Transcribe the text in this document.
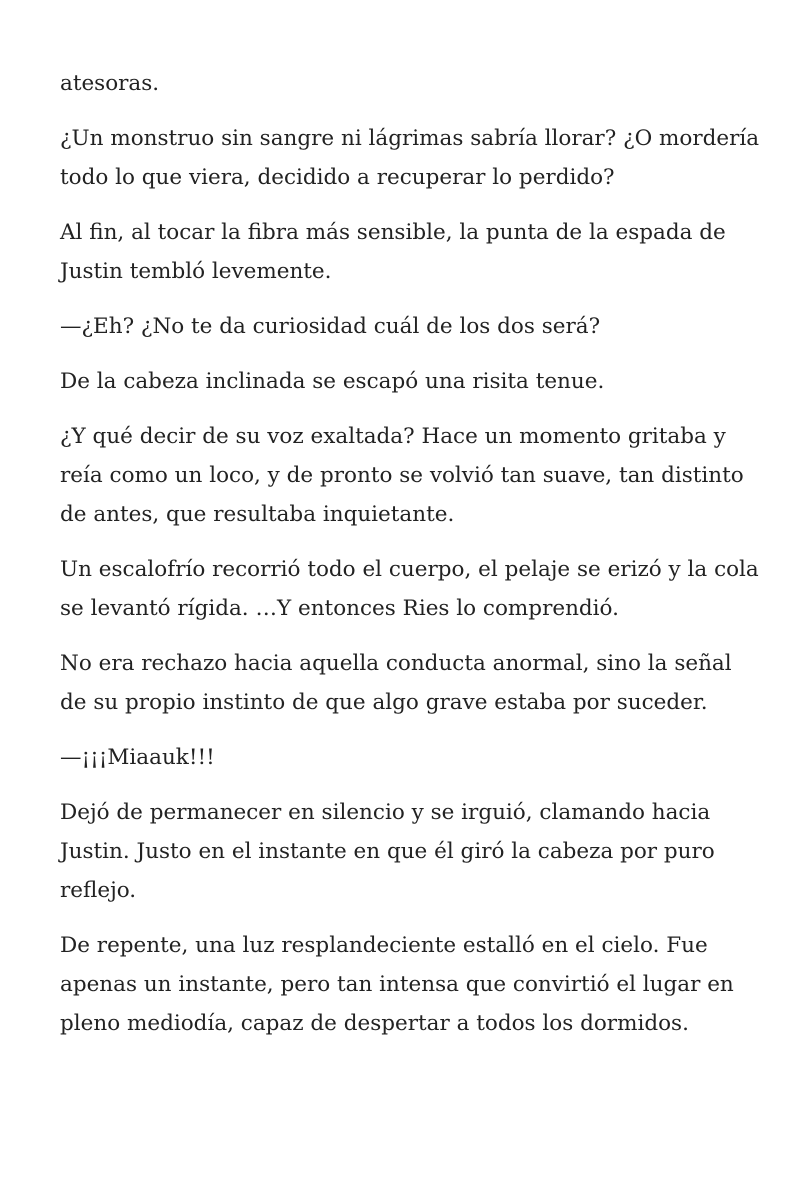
atesoras.

¿Un monstruo sin sangre ni lágrimas sabría llorar? ¿O mordería todo lo que viera, decidido a recuperar lo perdido?

Al fin, al tocar la fibra más sensible, la punta de la espada de Justin tembló levemente.

—¿Eh? ¿No te da curiosidad cuál de los dos será?

De la cabeza inclinada se escapó una risita tenue.

¿Y qué decir de su voz exaltada? Hace un momento gritaba y reía como un loco, y de pronto se volvió tan suave, tan distinto de antes, que resultaba inquietante.

Un escalofrío recorrió todo el cuerpo, el pelaje se erizó y la cola se levantó rígida. …Y entonces Ries lo comprendió.

No era rechazo hacia aquella conducta anormal, sino la señal de su propio instinto de que algo grave estaba por suceder.

—¡¡¡Miaauk!!!

Dejó de permanecer en silencio y se irguió, clamando hacia Justin. Justo en el instante en que él giró la cabeza por puro reflejo.

De repente, una luz resplandeciente estalló en el cielo. Fue apenas un instante, pero tan intensa que convirtió el lugar en pleno mediodía, capaz de despertar a todos los dormidos.
